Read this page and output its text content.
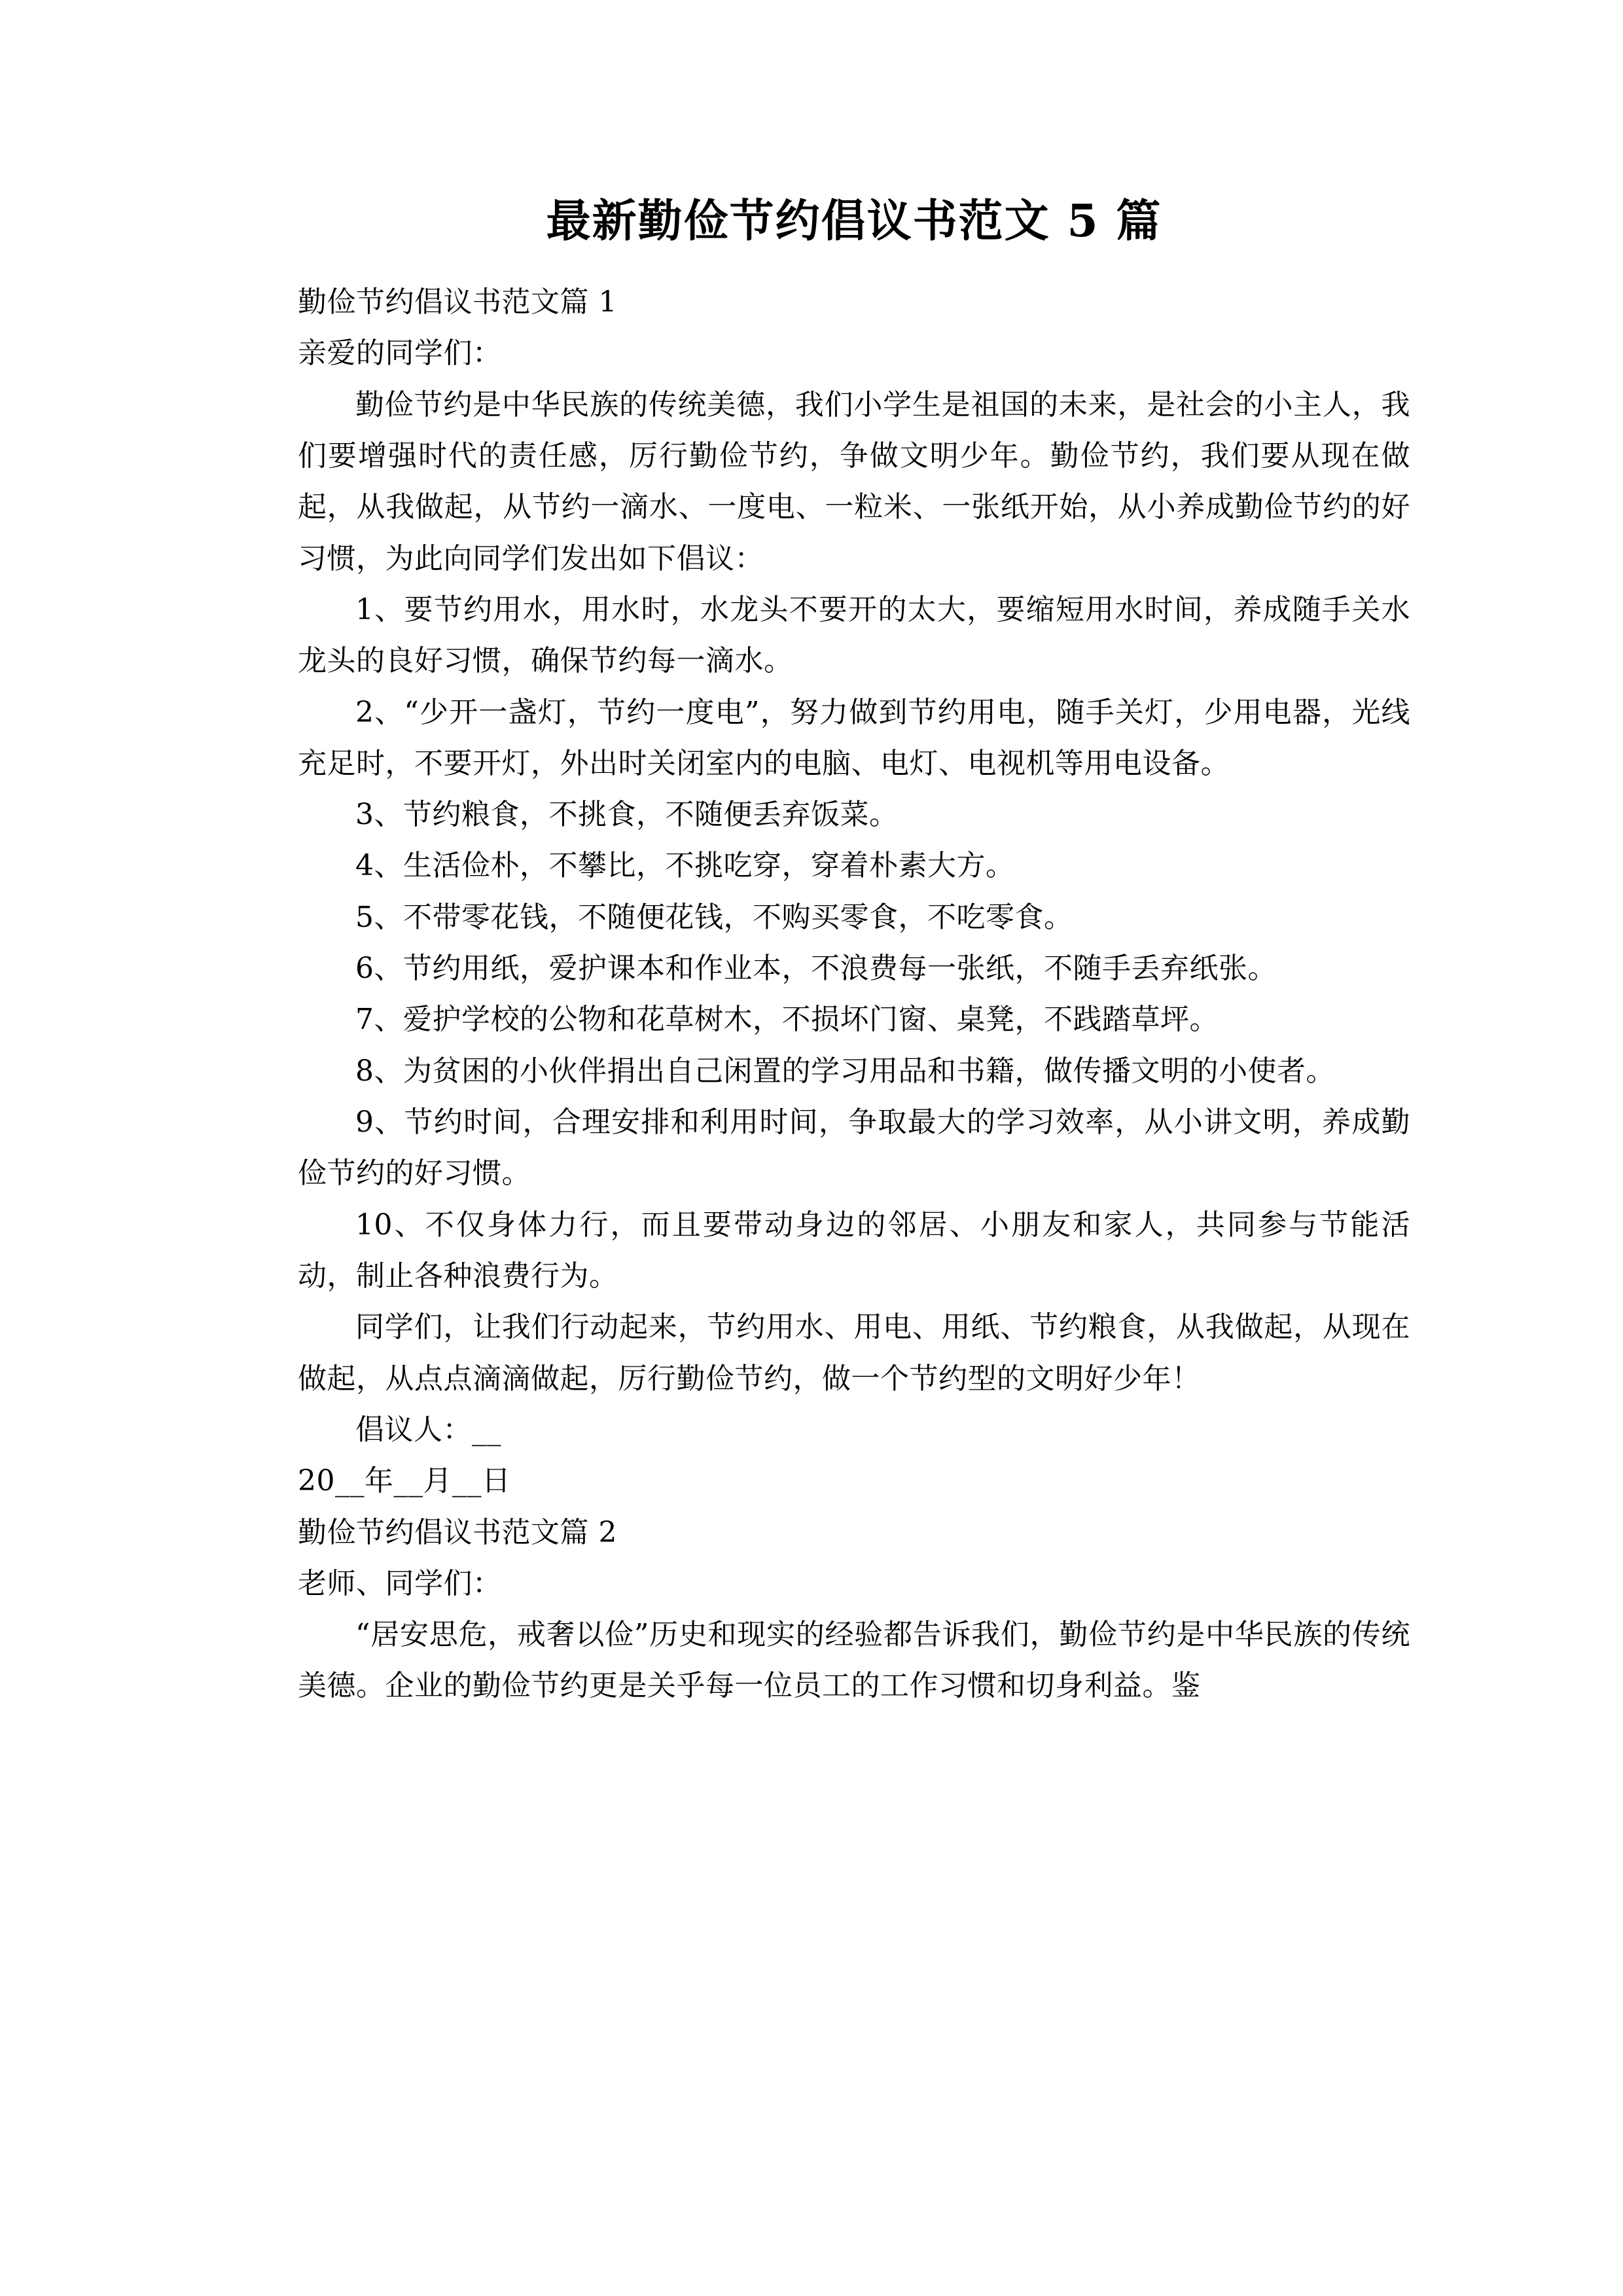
最新勤俭节约倡议书范文 5 篇

勤俭节约倡议书范文篇 1

亲爱的同学们：

勤俭节约是中华民族的传统美德，我们小学生是祖国的未来，是社会的小主人，我们要增强时代的责任感，厉行勤俭节约，争做文明少年。勤俭节约，我们要从现在做起，从我做起，从节约一滴水、一度电、一粒米、一张纸开始，从小养成勤俭节约的好习惯，为此向同学们发出如下倡议：

1、要节约用水，用水时，水龙头不要开的太大，要缩短用水时间，养成随手关水龙头的良好习惯，确保节约每一滴水。

2、“少开一盏灯，节约一度电”，努力做到节约用电，随手关灯，少用电器，光线充足时，不要开灯，外出时关闭室内的电脑、电灯、电视机等用电设备。

3、节约粮食，不挑食，不随便丢弃饭菜。

4、生活俭朴，不攀比，不挑吃穿，穿着朴素大方。

5、不带零花钱，不随便花钱，不购买零食，不吃零食。

6、节约用纸，爱护课本和作业本，不浪费每一张纸，不随手丢弃纸张。

7、爱护学校的公物和花草树木，不损坏门窗、桌凳，不践踏草坪。

8、为贫困的小伙伴捐出自己闲置的学习用品和书籍，做传播文明的小使者。

9、节约时间，合理安排和利用时间，争取最大的学习效率，从小讲文明，养成勤俭节约的好习惯。

10、不仅身体力行，而且要带动身边的邻居、小朋友和家人，共同参与节能活动，制止各种浪费行为。

同学们，让我们行动起来，节约用水、用电、用纸、节约粮食，从我做起，从现在做起，从点点滴滴做起，厉行勤俭节约，做一个节约型的文明好少年！

倡议人：__

20__年__月__日

勤俭节约倡议书范文篇 2

老师、同学们：

“居安思危，戒奢以俭”历史和现实的经验都告诉我们，勤俭节约是中华民族的传统美德。企业的勤俭节约更是关乎每一位员工的工作习惯和切身利益。鉴
